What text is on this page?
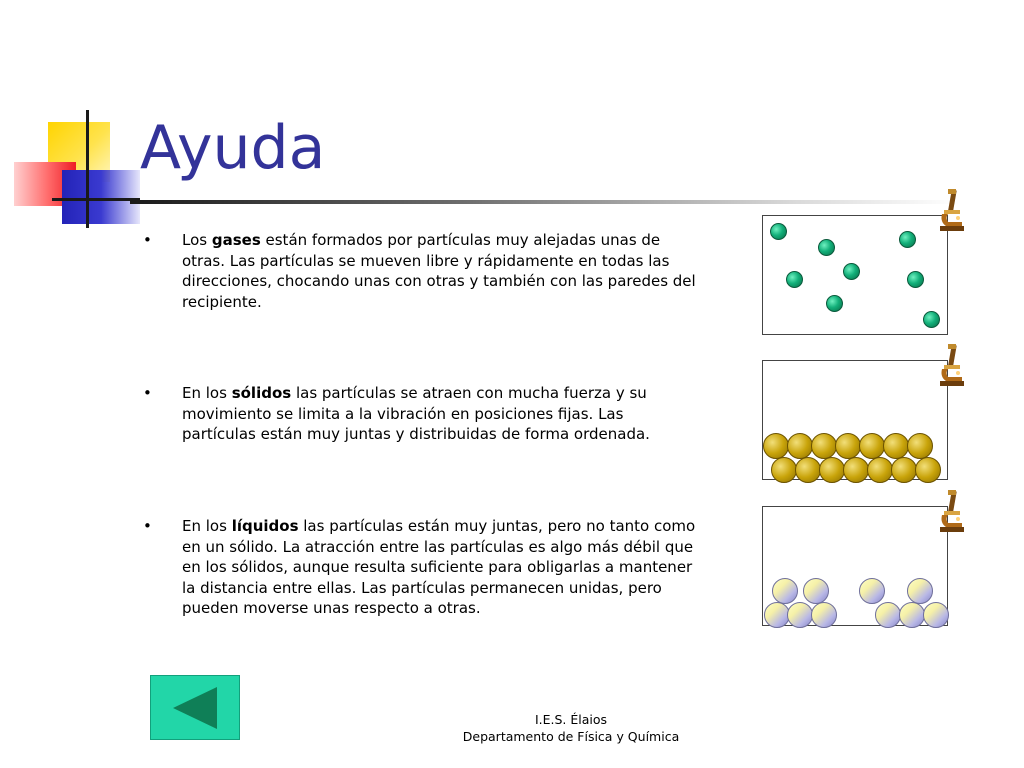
Ayuda
• Los gases están formados por partículas muy alejadas unas de otras. Las partículas se mueven libre y rápidamente en todas las direcciones, chocando unas con otras y también con las paredes del recipiente.

• En los sólidos las partículas se atraen con mucha fuerza y su movimiento se limita a la vibración en posiciones fijas. Las partículas están muy juntas y distribuidas de forma ordenada.

• En los líquidos las partículas están muy juntas, pero no tanto como en un sólido. La atracción entre las partículas es algo más débil que en los sólidos, aunque resulta suficiente para obligarlas a mantener la distancia entre ellas. Las partículas permanecen unidas, pero pueden moverse unas respecto a otras.

I.E.S. Élaios
Departamento de Física y Química
